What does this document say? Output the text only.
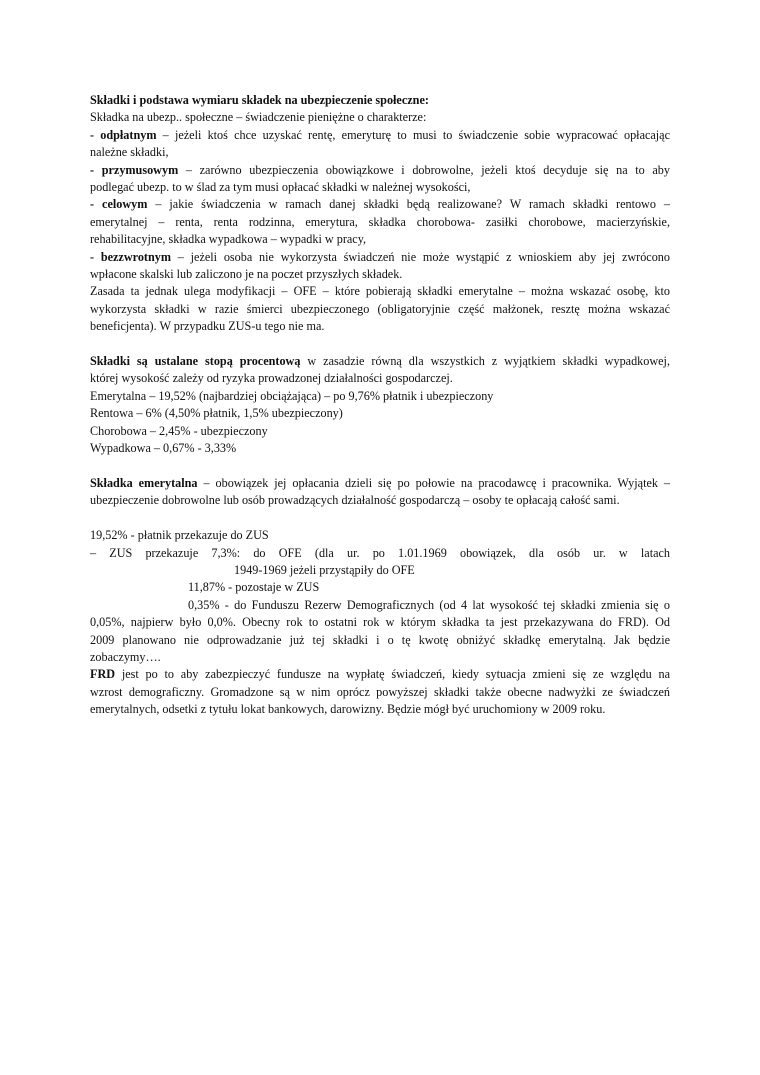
Składki i podstawa wymiaru składek na ubezpieczenie społeczne:
Składka na ubezp.. społeczne – świadczenie pieniężne o charakterze:
- odpłatnym – jeżeli ktoś chce uzyskać rentę, emeryturę to musi to świadczenie sobie wypracować opłacając
należne składki,
- przymusowym – zarówno ubezpieczenia obowiązkowe i dobrowolne, jeżeli ktoś decyduje się na to aby
podlegać ubezp. to w ślad za tym musi opłacać składki w należnej wysokości,
- celowym – jakie świadczenia w ramach danej składki będą realizowane? W ramach składki rentowo –
emerytalnej – renta, renta rodzinna, emerytura, składka chorobowa- zasiłki chorobowe, macierzyńskie,
rehabilitacyjne, składka wypadkowa – wypadki w pracy,
- bezzwrotnym – jeżeli osoba nie wykorzysta świadczeń nie może wystąpić z wnioskiem aby jej zwrócono
wpłacone skalski lub zaliczono je na poczet przyszłych składek.
Zasada ta jednak ulega modyfikacji – OFE – które pobierają składki emerytalne – można wskazać osobę, kto
wykorzysta składki w razie śmierci ubezpieczonego (obligatoryjnie część małżonek, resztę można wskazać
beneficjenta). W przypadku ZUS-u tego nie ma.
Składki są ustalane stopą procentową w zasadzie równą dla wszystkich z wyjątkiem składki wypadkowej,
której wysokość zależy od ryzyka prowadzonej działalności gospodarczej.
Emerytalna – 19,52% (najbardziej obciążająca) – po 9,76% płatnik i ubezpieczony
Rentowa – 6% (4,50% płatnik, 1,5% ubezpieczony)
Chorobowa – 2,45% - ubezpieczony
Wypadkowa – 0,67% - 3,33%
Składka emerytalna – obowiązek jej opłacania dzieli się po połowie na pracodawcę i pracownika. Wyjątek –
ubezpieczenie dobrowolne lub osób prowadzących działalność gospodarczą – osoby te opłacają całość sami.
19,52% - płatnik przekazuje do ZUS
– ZUS przekazuje 7,3%: do OFE (dla ur. po 1.01.1969 obowiązek, dla osób ur. w latach
1949-1969 jeżeli przystąpiły do OFE
11,87% - pozostaje w ZUS
0,35% - do Funduszu Rezerw Demograficznych (od 4 lat wysokość tej składki zmienia się o
0,05%, najpierw było 0,0%. Obecny rok to ostatni rok w którym składka ta jest przekazywana do FRD). Od
2009 planowano nie odprowadzanie już tej składki i o tę kwotę obniżyć składkę emerytalną. Jak będzie
zobaczymy….
FRD jest po to aby zabezpieczyć fundusze na wypłatę świadczeń, kiedy sytuacja zmieni się ze względu na
wzrost demograficzny. Gromadzone są w nim oprócz powyższej składki także obecne nadwyżki ze świadczeń
emerytalnych, odsetki z tytułu lokat bankowych, darowizny. Będzie mógł być uruchomiony w 2009 roku.
